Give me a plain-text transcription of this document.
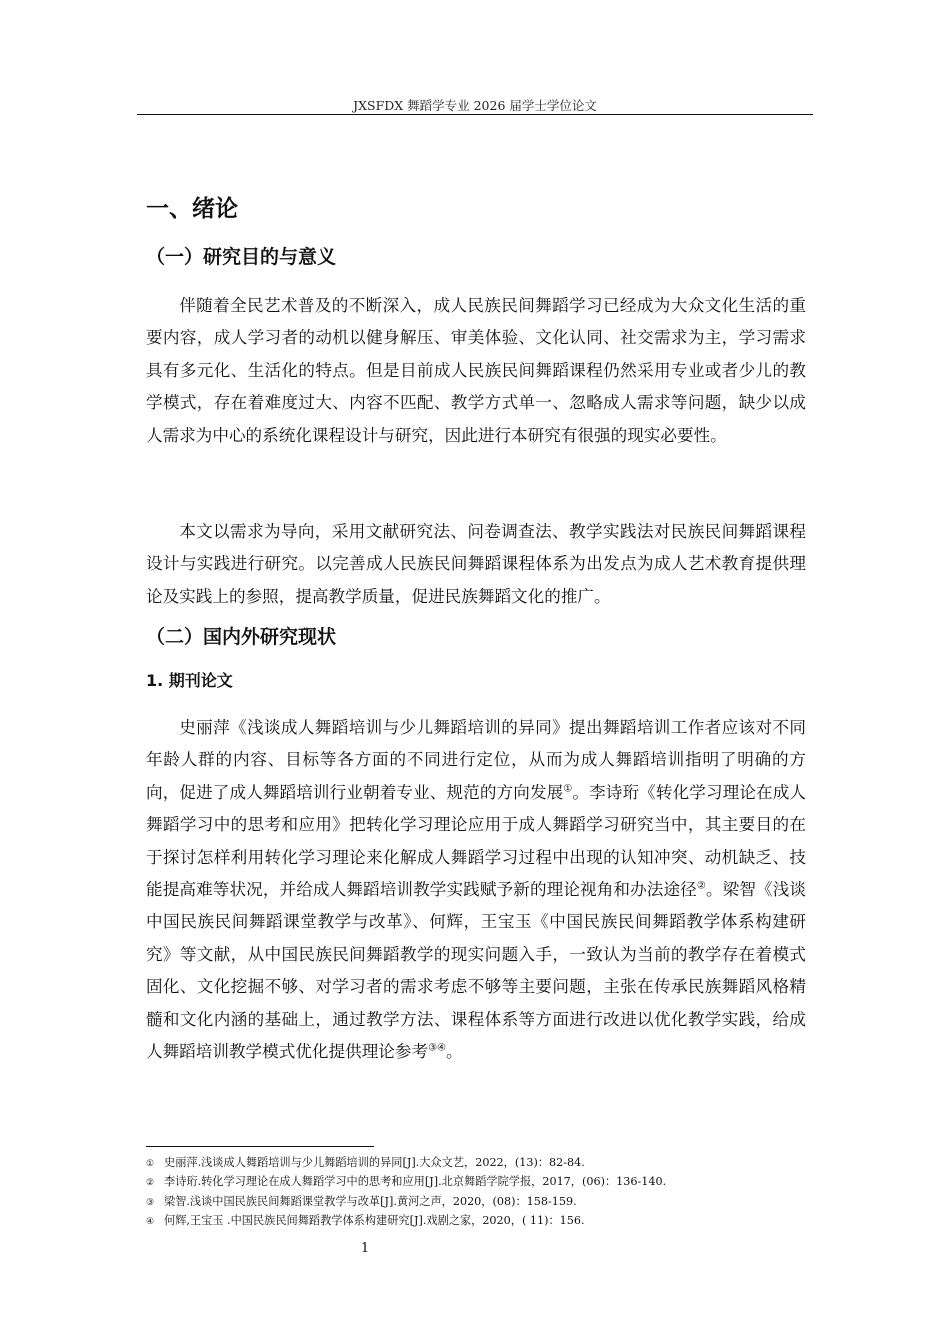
JXSFDX 舞蹈学专业 2026 届学士学位论文
一、绪论
（一）研究目的与意义

伴随着全民艺术普及的不断深入，成人民族民间舞蹈学习已经成为大众文化生活的重要内容，成人学习者的动机以健身解压、审美体验、文化认同、社交需求为主，学习需求具有多元化、生活化的特点。但是目前成人民族民间舞蹈课程仍然采用专业或者少儿的教学模式，存在着难度过大、内容不匹配、教学方式单一、忽略成人需求等问题，缺少以成人需求为中心的系统化课程设计与研究，因此进行本研究有很强的现实必要性。

本文以需求为导向，采用文献研究法、问卷调查法、教学实践法对民族民间舞蹈课程设计与实践进行研究。以完善成人民族民间舞蹈课程体系为出发点为成人艺术教育提供理论及实践上的参照，提高教学质量，促进民族舞蹈文化的推广。

（二）国内外研究现状
1. 期刊论文

史丽萍《浅谈成人舞蹈培训与少儿舞蹈培训的异同》提出舞蹈培训工作者应该对不同年龄人群的内容、目标等各方面的不同进行定位，从而为成人舞蹈培训指明了明确的方向，促进了成人舞蹈培训行业朝着专业、规范的方向发展①。李诗珩《转化学习理论在成人舞蹈学习中的思考和应用》把转化学习理论应用于成人舞蹈学习研究当中，其主要目的在于探讨怎样利用转化学习理论来化解成人舞蹈学习过程中出现的认知冲突、动机缺乏、技能提高难等状况，并给成人舞蹈培训教学实践赋予新的理论视角和办法途径②。梁智《浅谈中国民族民间舞蹈课堂教学与改革》、何辉，王宝玉《中国民族民间舞蹈教学体系构建研究》等文献，从中国民族民间舞蹈教学的现实问题入手，一致认为当前的教学存在着模式固化、文化挖掘不够、对学习者的需求考虑不够等主要问题，主张在传承民族舞蹈风格精髓和文化内涵的基础上，通过教学方法、课程体系等方面进行改进以优化教学实践，给成人舞蹈培训教学模式优化提供理论参考③④。

① 史丽萍.浅谈成人舞蹈培训与少儿舞蹈培训的异同[J].大众文艺，2022，(13)：82-84.
② 李诗珩.转化学习理论在成人舞蹈学习中的思考和应用[J].北京舞蹈学院学报，2017，(06)：136-140.
③ 梁智.浅谈中国民族民间舞蹈课堂教学与改革[J].黄河之声，2020，(08)：158-159.
④ 何辉,王宝玉 .中国民族民间舞蹈教学体系构建研究[J].戏剧之家，2020，( 11)：156.
1
